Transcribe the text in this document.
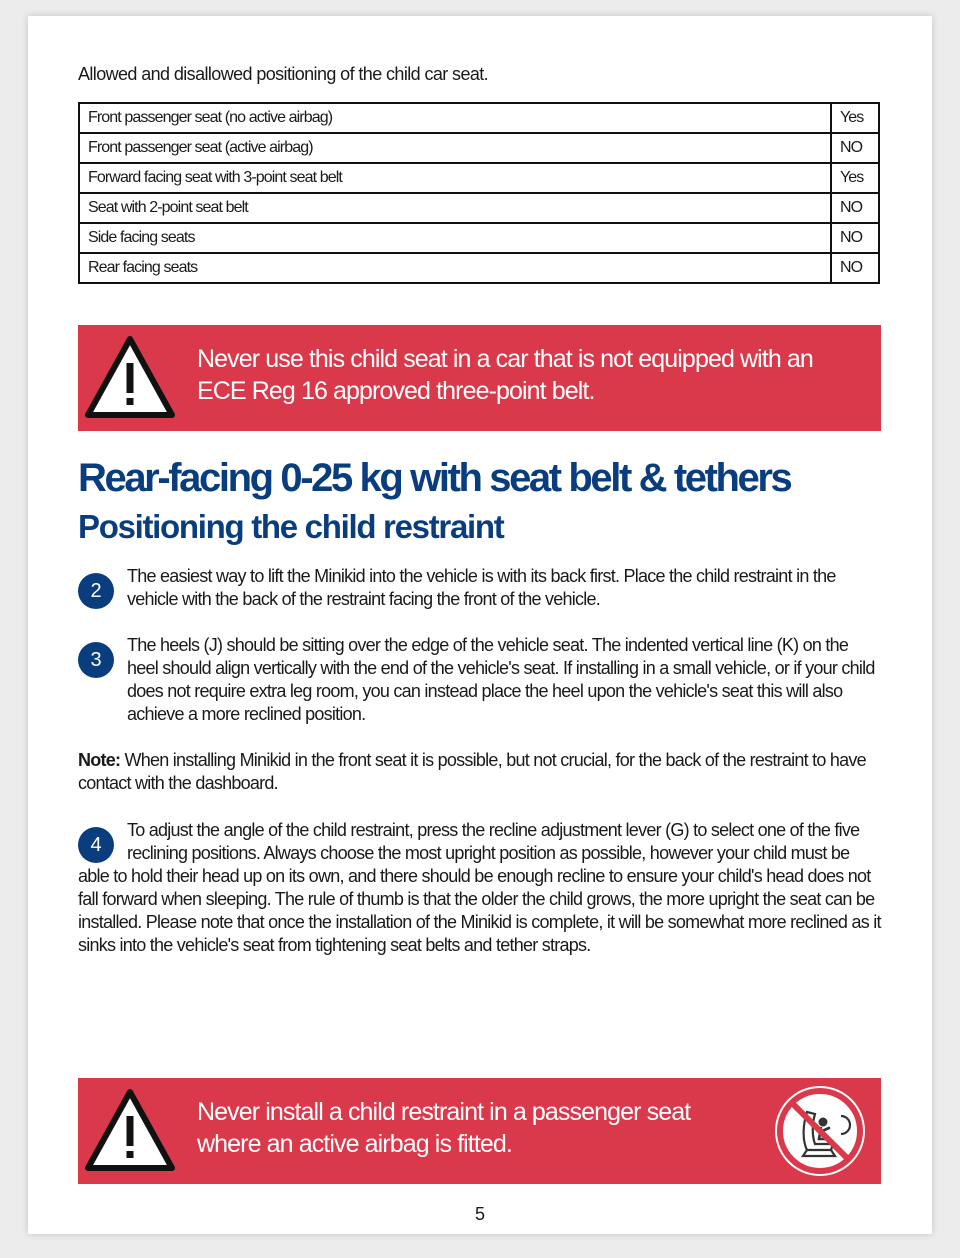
Allowed and disallowed positioning of the child car seat.

Front passenger seat (no active airbag)	Yes
Front passenger seat (active airbag)	NO
Forward facing seat with 3-point seat belt	Yes
Seat with 2-point seat belt	NO
Side facing seats	NO
Rear facing seats	NO
Never use this child seat in a car that is not equipped with an
ECE Reg 16 approved three-point belt.
Rear-facing 0-25 kg with seat belt & tethers
Positioning the child restraint
2

The easiest way to lift the Minikid into the vehicle is with its back first. Place the child restraint in the vehicle with the back of the restraint facing the front of the vehicle.

3

The heels (J) should be sitting over the edge of the vehicle seat. The indented vertical line (K) on the heel should align vertically with the end of the vehicle's seat. If installing in a small vehicle, or if your child does not require extra leg room, you can instead place the heel upon the vehicle's seat this will also achieve a more reclined position.

Note: When installing Minikid in the front seat it is possible, but not crucial, for the back of the restraint to have contact with the dashboard.

4

To adjust the angle of the child restraint, press the recline adjustment lever (G) to select one of the five reclining positions. Always choose the most upright position as possible, however your child must be able to hold their head up on its own, and there should be enough recline to ensure your child's head does not fall forward when sleeping. The rule of thumb is that the older the child grows, the more upright the seat can be installed. Please note that once the installation of the Minikid is complete, it will be somewhat more reclined as it sinks into the vehicle's seat from tightening seat belts and tether straps.

Never install a child restraint in a passenger seat
where an active airbag is fitted.
5
